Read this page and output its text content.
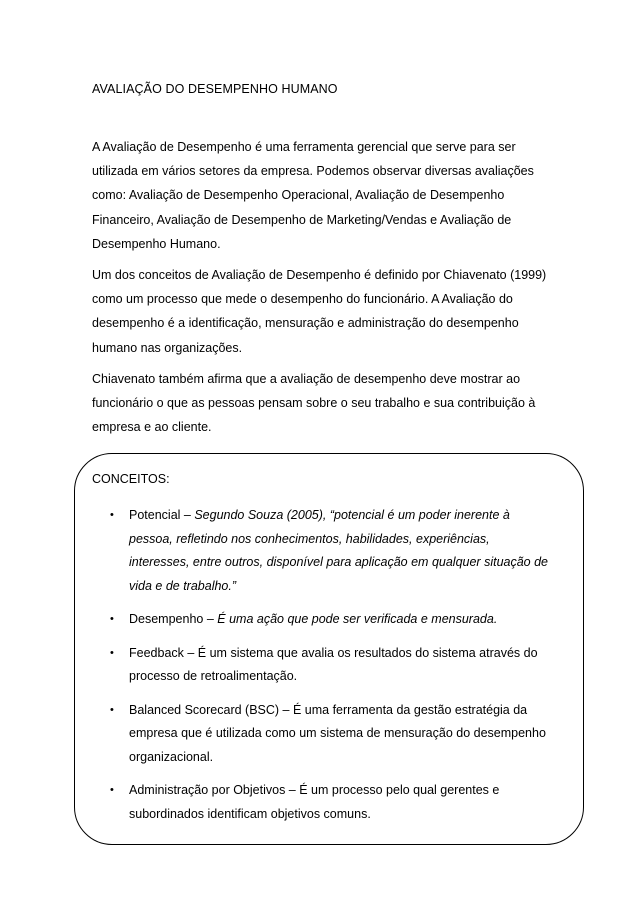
AVALIAÇÃO DO DESEMPENHO HUMANO

A Avaliação de Desempenho é uma ferramenta gerencial que serve para ser utilizada em vários setores da empresa. Podemos observar diversas avaliações como: Avaliação de Desempenho Operacional, Avaliação de Desempenho Financeiro, Avaliação de Desempenho de Marketing/Vendas e Avaliação de Desempenho Humano.

Um dos conceitos de Avaliação de Desempenho é definido por Chiavenato (1999) como um processo que mede o desempenho do funcionário. A Avaliação do desempenho é a identificação, mensuração e administração do desempenho humano nas organizações.

Chiavenato também afirma que a avaliação de desempenho deve mostrar ao funcionário o que as pessoas pensam sobre o seu trabalho e sua contribuição à empresa e ao cliente.

CONCEITOS:
• Potencial – Segundo Souza (2005), “potencial é um poder inerente à pessoa, refletindo nos conhecimentos, habilidades, experiências, interesses, entre outros, disponível para aplicação em qualquer situação de vida e de trabalho.”
• Desempenho – É uma ação que pode ser verificada e mensurada.
• Feedback – É um sistema que avalia os resultados do sistema através do processo de retroalimentação.
• Balanced Scorecard (BSC) – É uma ferramenta da gestão estratégia da empresa que é utilizada como um sistema de mensuração do desempenho organizacional.
• Administração por Objetivos – É um processo pelo qual gerentes e subordinados identificam objetivos comuns.
